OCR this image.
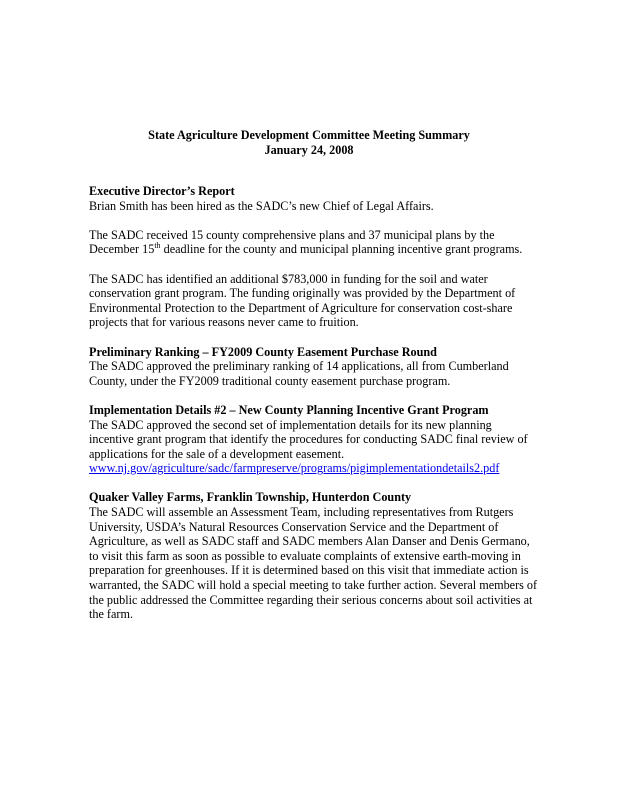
State Agriculture Development Committee Meeting Summary
January 24, 2008
Executive Director’s Report

Brian Smith has been hired as the SADC’s new Chief of Legal Affairs.

The SADC received 15 county comprehensive plans and 37 municipal plans by the December 15th deadline for the county and municipal planning incentive grant programs.

The SADC has identified an additional $783,000 in funding for the soil and water conservation grant program. The funding originally was provided by the Department of Environmental Protection to the Department of Agriculture for conservation cost-share projects that for various reasons never came to fruition.

Preliminary Ranking – FY2009 County Easement Purchase Round

The SADC approved the preliminary ranking of 14 applications, all from Cumberland County, under the FY2009 traditional county easement purchase program.

Implementation Details #2 – New County Planning Incentive Grant Program

The SADC approved the second set of implementation details for its new planning incentive grant program that identify the procedures for conducting SADC final review of applications for the sale of a development easement.

www.nj.gov/agriculture/sadc/farmpreserve/programs/pigimplementationdetails2.pdf
Quaker Valley Farms, Franklin Township, Hunterdon County

The SADC will assemble an Assessment Team, including representatives from Rutgers University, USDA’s Natural Resources Conservation Service and the Department of Agriculture, as well as SADC staff and SADC members Alan Danser and Denis Germano, to visit this farm as soon as possible to evaluate complaints of extensive earth-moving in preparation for greenhouses. If it is determined based on this visit that immediate action is warranted, the SADC will hold a special meeting to take further action. Several members of the public addressed the Committee regarding their serious concerns about soil activities at the farm.
